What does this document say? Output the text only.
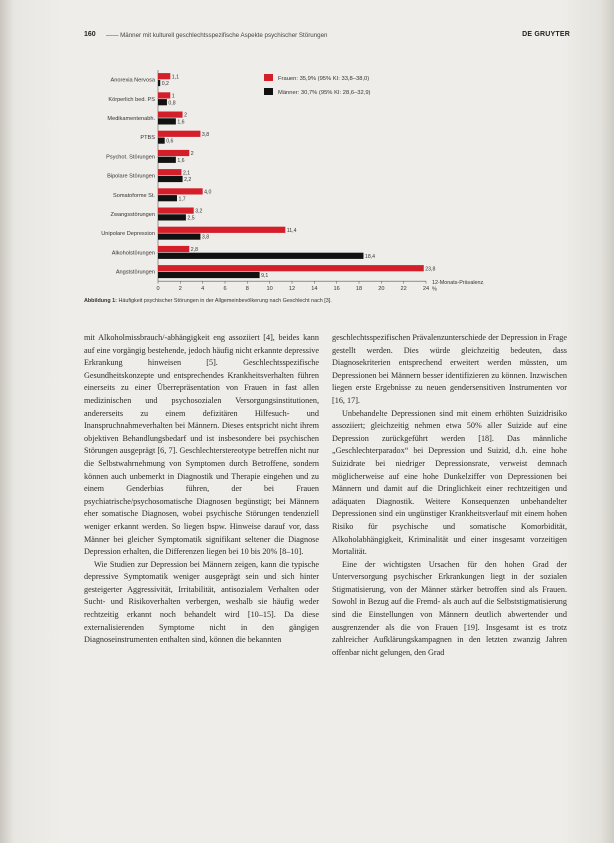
160 —— Männer mit kulturell geschlechtsspezifische Aspekte psychischer Störungen	DE GRUYTER
0	2	4	6	8	10	12	14	16	18	20	22	24
12-Monats-Prävalenz, %
Anorexia Nervosa
1,1
0,2
Körperlich bed. PS
1
0,8
Medikamentenabh.
2
1,6
PTBS
3,8
0,6
Psychot. Störungen
2
1,6
Bipolare Störungen
2,1
2,2
Somatoforme St.
4,0
1,7
Zwangsstörungen
3,2
2,5
Unipolare Depression
11,4
3,8
Alkoholstörungen
2,8
18,4
Angststörungen
23,8
9,1
Frauen: 35,9% (95% KI: 33,8–38,0)
Männer: 30,7% (95% KI: 28,6–32,9)
Abbildung 1: Häufigkeit psychischer Störungen in der Allgemeinbevölkerung nach Geschlecht nach [3].

mit Alkoholmissbrauch/-abhängigkeit eng assoziiert [4], beides kann auf eine vorgängig bestehende, jedoch häufig nicht erkannte depressive Erkrankung hinweisen [5]. Geschlechtsspezifische Gesundheitskonzepte und entsprechendes Krankheitsverhalten führen einerseits zu einer Überrepräsentation von Frauen in fast allen medizinischen und psychosozialen Versorgungsinstitutionen, andererseits zu einem defizitären Hilfesuch- und Inanspruchnahmeverhalten bei Männern. Dieses entspricht nicht ihrem objektiven Behandlungsbedarf und ist insbesondere bei psychischen Störungen ausgeprägt [6, 7]. Geschlechterstereotype betreffen nicht nur die Selbstwahrnehmung von Symptomen durch Betroffene, sondern können auch unbemerkt in Diagnostik und Therapie eingehen und zu einem Genderbias führen, der bei Frauen psychiatrische/psychosomatische Diagnosen begünstigt; bei Männern eher somatische Diagnosen, wobei psychische Störungen tendenziell weniger erkannt werden. So liegen bspw. Hinweise darauf vor, dass Männer bei gleicher Symptomatik signifikant seltener die Diagnose Depression erhalten, die Differenzen liegen bei 10 bis 20% [8–10].

Wie Studien zur Depression bei Männern zeigen, kann die typische depressive Symptomatik weniger ausgeprägt sein und sich hinter gesteigerter Aggressivität, Irritabilität, antisozialem Verhalten oder Sucht- und Risikoverhalten verbergen, weshalb sie häufig weder rechtzeitig erkannt noch behandelt wird [10–15]. Da diese externalisierenden Symptome nicht in den gängigen Diagnoseinstrumenten enthalten sind, können die bekannten

geschlechtsspezifischen Prävalenzunterschiede der Depression in Frage gestellt werden. Dies würde gleichzeitig bedeuten, dass Diagnosekriterien entsprechend erweitert werden müssten, um Depressionen bei Männern besser identifizieren zu können. Inzwischen liegen erste Ergebnisse zu neuen gendersensitiven Instrumenten vor [16, 17].

Unbehandelte Depressionen sind mit einem erhöhten Suizidrisiko assoziiert; gleichzeitig nehmen etwa 50% aller Suizide auf eine Depression zurückgeführt werden [18]. Das männliche „Geschlechterparadox“ bei Depression und Suizid, d.h. eine hohe Suizidrate bei niedriger Depressionsrate, verweist demnach möglicherweise auf eine hohe Dunkelziffer von Depressionen bei Männern und damit auf die Dringlichkeit einer rechtzeitigen und adäquaten Diagnostik. Weitere Konsequenzen unbehandelter Depressionen sind ein ungünstiger Krankheitsverlauf mit einem hohen Risiko für psychische und somatische Komorbidität, Alkoholabhängigkeit, Kriminalität und einer insgesamt vorzeitigen Mortalität.

Eine der wichtigsten Ursachen für den hohen Grad der Unterversorgung psychischer Erkrankungen liegt in der sozialen Stigmatisierung, von der Männer stärker betroffen sind als Frauen. Sowohl in Bezug auf die Fremd- als auch auf die Selbststigmatisierung sind die Einstellungen von Männern deutlich abwertender und ausgrenzender als die von Frauen [19]. Insgesamt ist es trotz zahlreicher Aufklärungskampagnen in den letzten zwanzig Jahren offenbar nicht gelungen, den Grad
